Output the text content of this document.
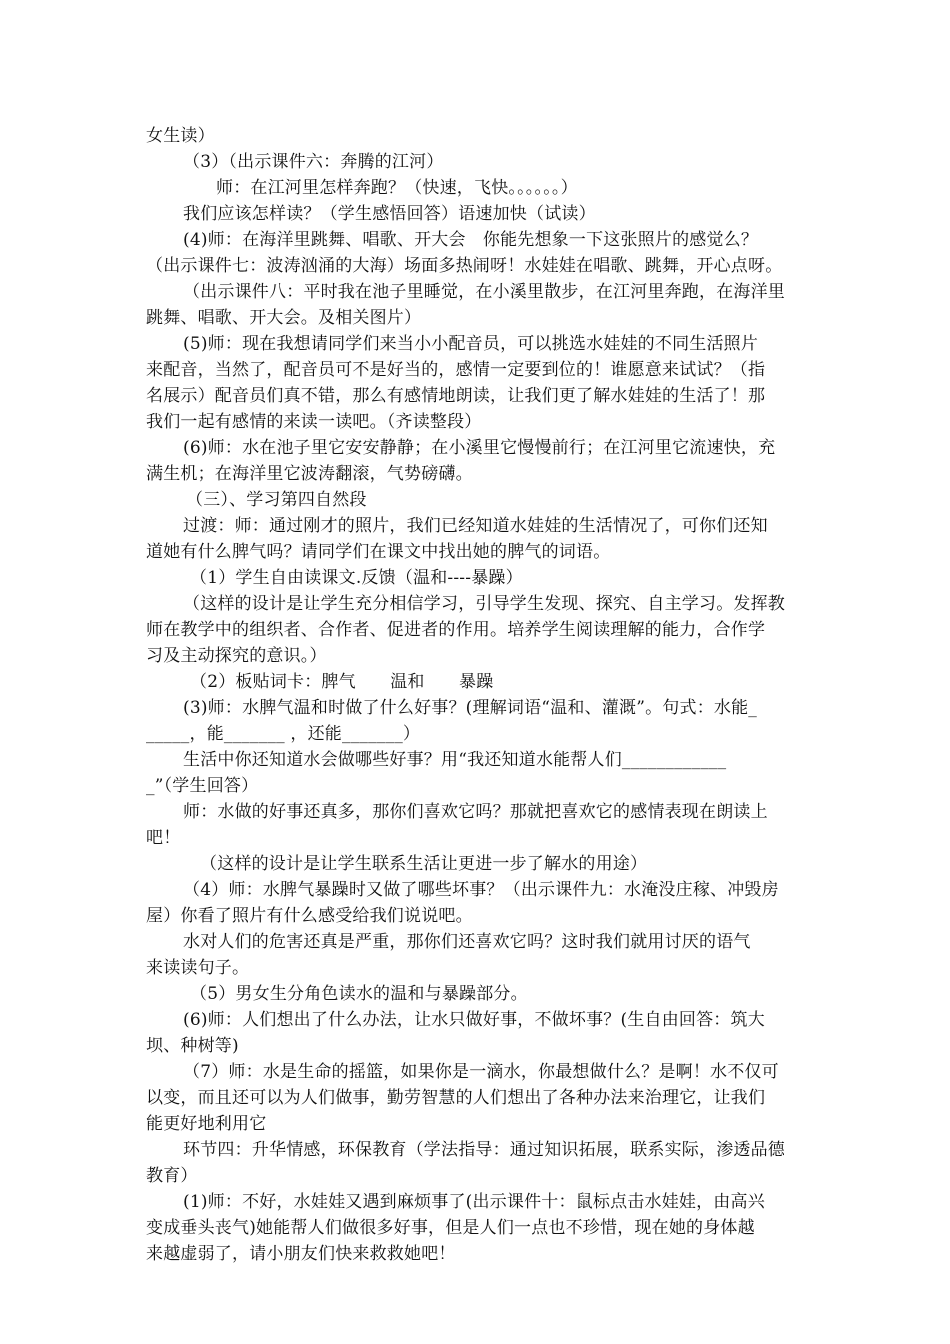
女生读）
（3）（出示课件六：奔腾的江河）
师：在江河里怎样奔跑？（快速，飞快。。。。。。）
我们应该怎样读？（学生感悟回答）语速加快（试读）
(4)师：在海洋里跳舞、唱歌、开大会　你能先想象一下这张照片的感觉么？
（出示课件七：波涛汹涌的大海）场面多热闹呀！水娃娃在唱歌、跳舞，开心点呀。
（出示课件八：平时我在池子里睡觉，在小溪里散步，在江河里奔跑，在海洋里
跳舞、唱歌、开大会。及相关图片）
(5)师：现在我想请同学们来当小小配音员，可以挑选水娃娃的不同生活照片
来配音，当然了，配音员可不是好当的，感情一定要到位的！谁愿意来试试？（指
名展示）配音员们真不错，那么有感情地朗读，让我们更了解水娃娃的生活了！那
我们一起有感情的来读一读吧。（齐读整段）
(6)师：水在池子里它安安静静；在小溪里它慢慢前行；在江河里它流速快，充
满生机；在海洋里它波涛翻滚，气势磅礴。
（三）、学习第四自然段
过渡：师：通过刚才的照片，我们已经知道水娃娃的生活情况了，可你们还知
道她有什么脾气吗？请同学们在课文中找出她的脾气的词语。
（1）学生自由读课文.反馈（温和----暴躁）
（这样的设计是让学生充分相信学习，引导学生发现、探究、自主学习。发挥教
师在教学中的组织者、合作者、促进者的作用。培养学生阅读理解的能力，合作学
习及主动探究的意识。）
（2）板贴词卡：脾气　　温和　　暴躁
(3)师：水脾气温和时做了什么好事？(理解词语“温和、灌溉”。句式：水能_
_____，能_______ ，还能_______）
生活中你还知道水会做哪些好事？用“我还知道水能帮人们____________
_”（学生回答）
师：水做的好事还真多，那你们喜欢它吗？那就把喜欢它的感情表现在朗读上
吧！
（这样的设计是让学生联系生活让更进一步了解水的用途）
（4）师：水脾气暴躁时又做了哪些坏事？（出示课件九：水淹没庄稼、冲毁房
屋）你看了照片有什么感受给我们说说吧。
水对人们的危害还真是严重，那你们还喜欢它吗？这时我们就用讨厌的语气
来读读句子。
（5）男女生分角色读水的温和与暴躁部分。
(6)师：人们想出了什么办法，让水只做好事，不做坏事？(生自由回答：筑大
坝、种树等)
（7）师：水是生命的摇篮，如果你是一滴水，你最想做什么？是啊！水不仅可
以变，而且还可以为人们做事，勤劳智慧的人们想出了各种办法来治理它，让我们
能更好地利用它
环节四：升华情感，环保教育（学法指导：通过知识拓展，联系实际，渗透品德
教育）
(1)师：不好，水娃娃又遇到麻烦事了(出示课件十：鼠标点击水娃娃，由高兴
变成垂头丧气)她能帮人们做很多好事，但是人们一点也不珍惜，现在她的身体越
来越虚弱了，请小朋友们快来救救她吧！
